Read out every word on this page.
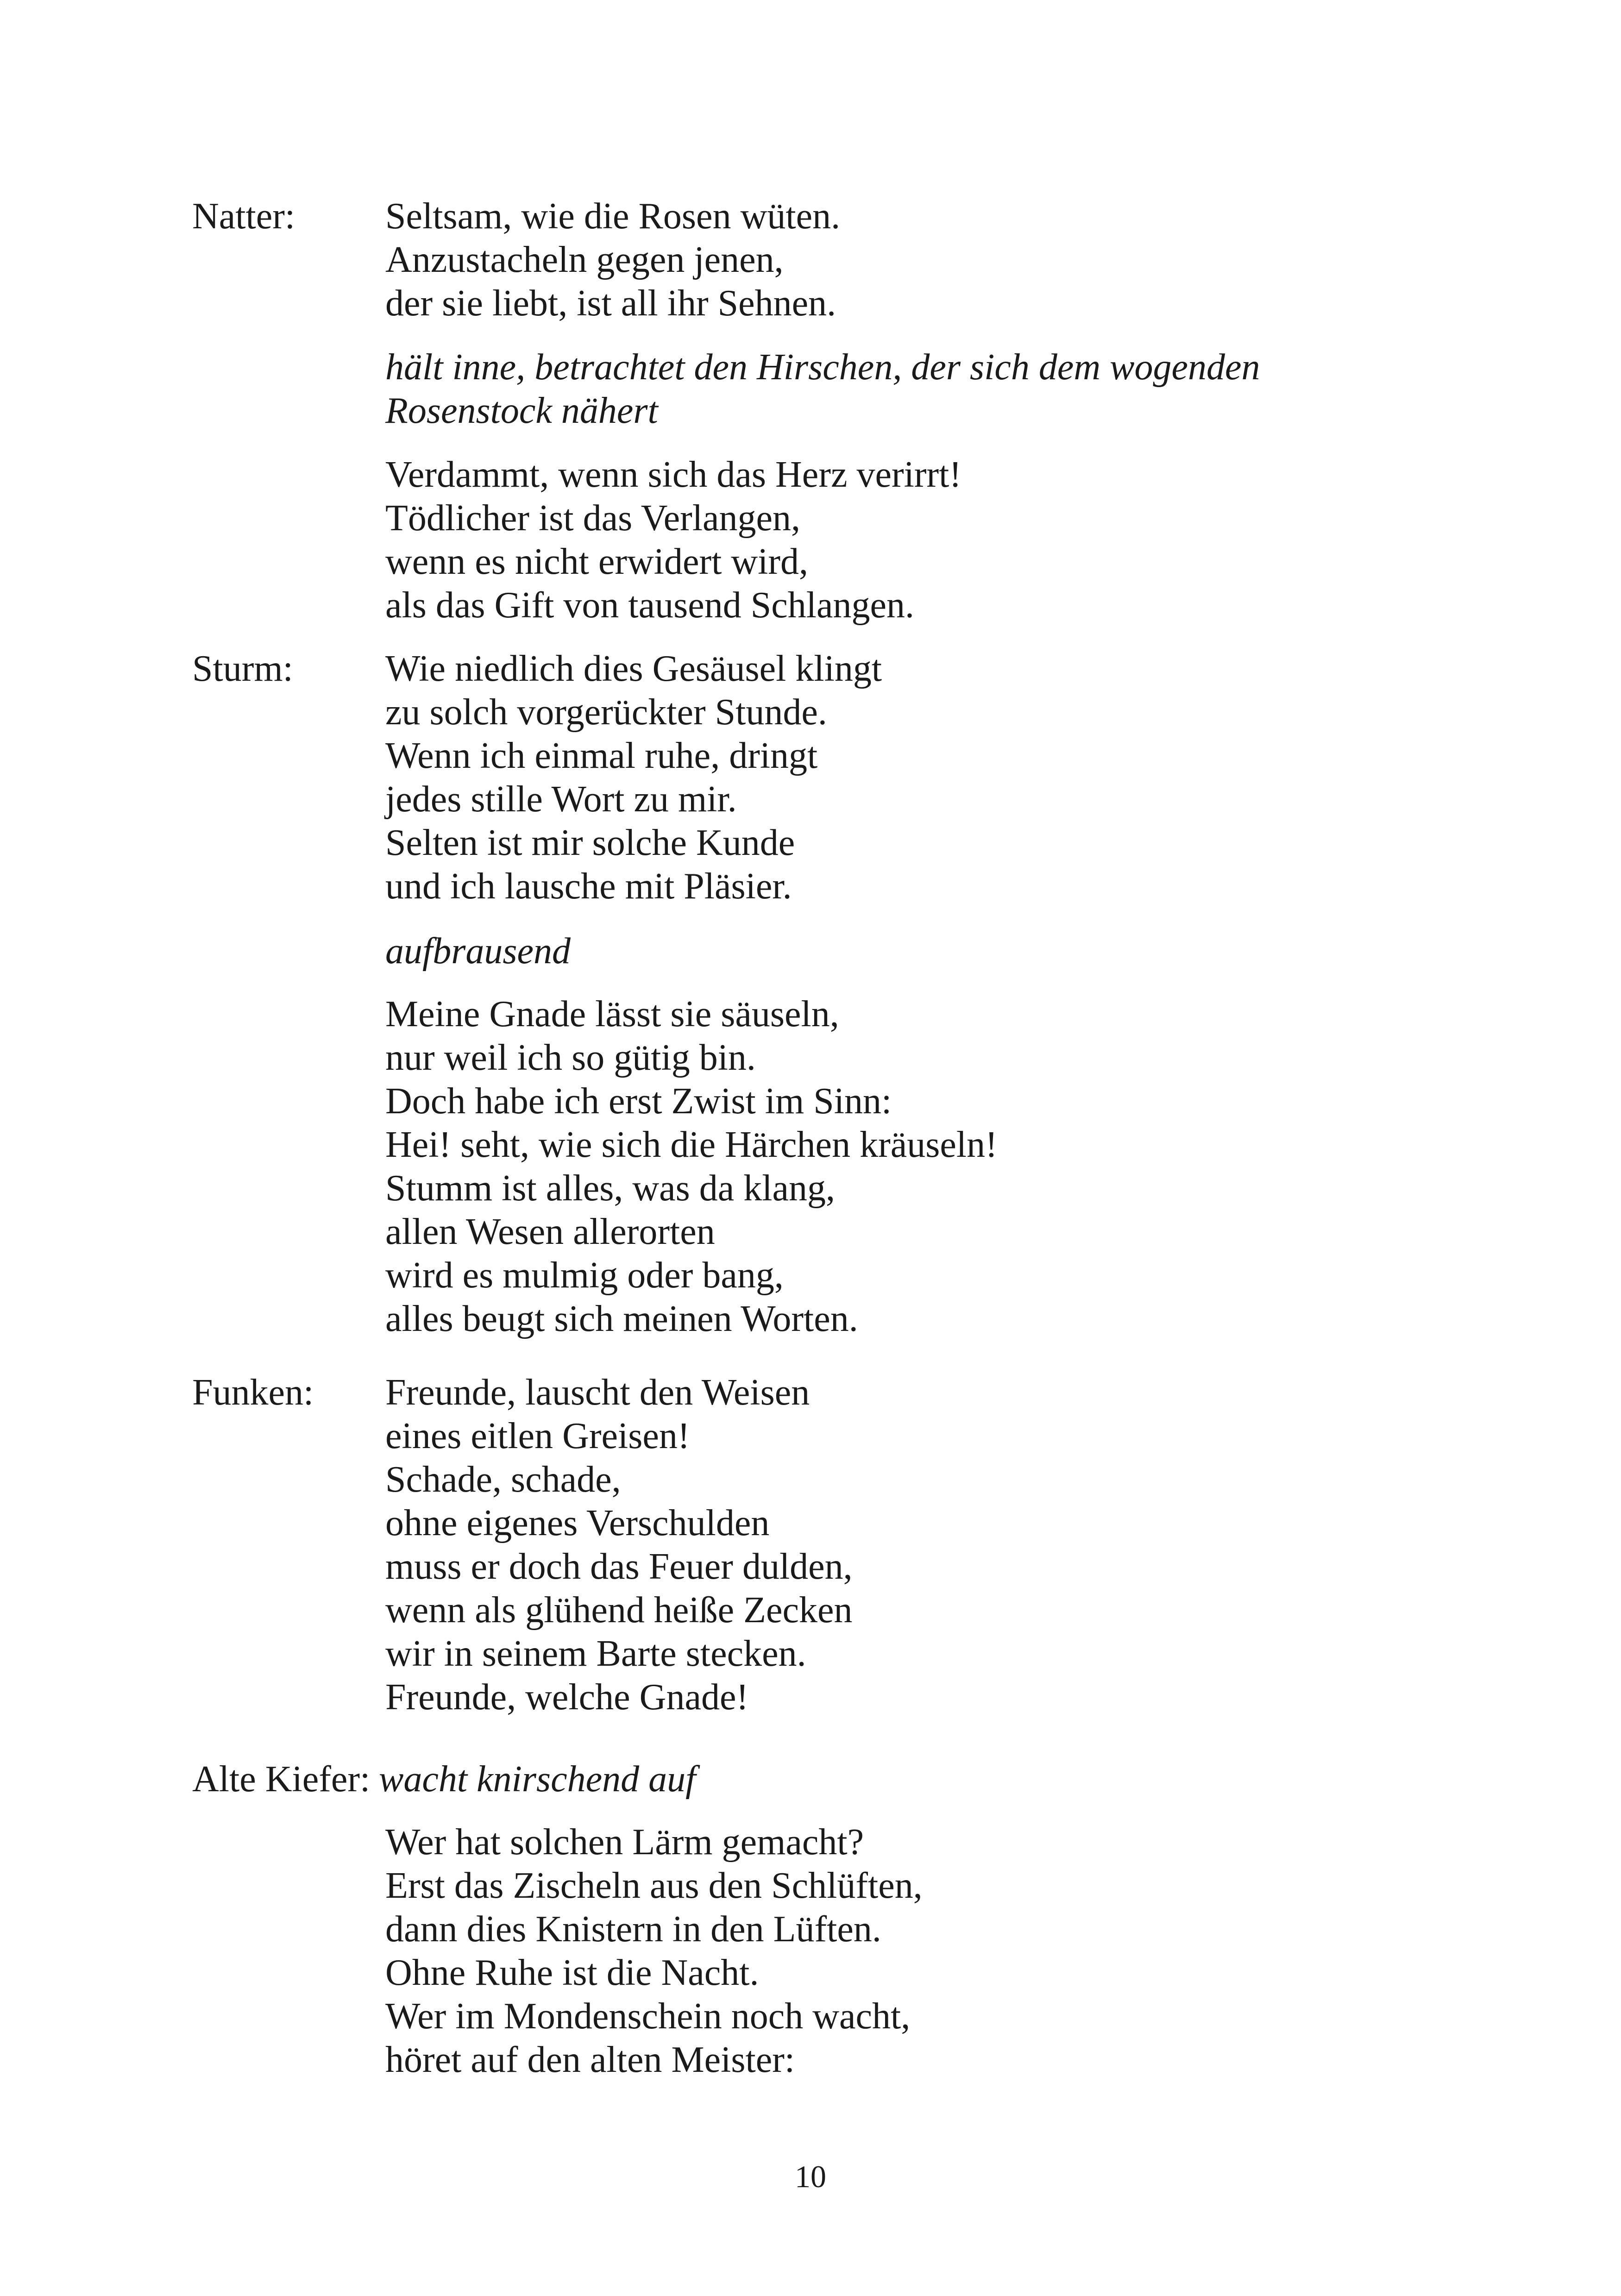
Natter: Seltsam, wie die Rosen wüten.
Anzustacheln gegen jenen,
der sie liebt, ist all ihr Sehnen.
hält inne, betrachtet den Hirschen, der sich dem wogenden
Rosenstock nähert
Verdammt, wenn sich das Herz verirrt!
Tödlicher ist das Verlangen,
wenn es nicht erwidert wird,
als das Gift von tausend Schlangen.
Sturm: Wie niedlich dies Gesäusel klingt
zu solch vorgerückter Stunde.
Wenn ich einmal ruhe, dringt
jedes stille Wort zu mir.
Selten ist mir solche Kunde
und ich lausche mit Pläsier.
aufbrausend
Meine Gnade lässt sie säuseln,
nur weil ich so gütig bin.
Doch habe ich erst Zwist im Sinn:
Hei! seht, wie sich die Härchen kräuseln!
Stumm ist alles, was da klang,
allen Wesen allerorten
wird es mulmig oder bang,
alles beugt sich meinen Worten.
Funken: Freunde, lauscht den Weisen
eines eitlen Greisen!
Schade, schade,
ohne eigenes Verschulden
muss er doch das Feuer dulden,
wenn als glühend heiße Zecken
wir in seinem Barte stecken.
Freunde, welche Gnade!
Alte Kiefer: wacht knirschend auf
Wer hat solchen Lärm gemacht?
Erst das Zischeln aus den Schlüften,
dann dies Knistern in den Lüften.
Ohne Ruhe ist die Nacht.
Wer im Mondenschein noch wacht,
höret auf den alten Meister:
10
